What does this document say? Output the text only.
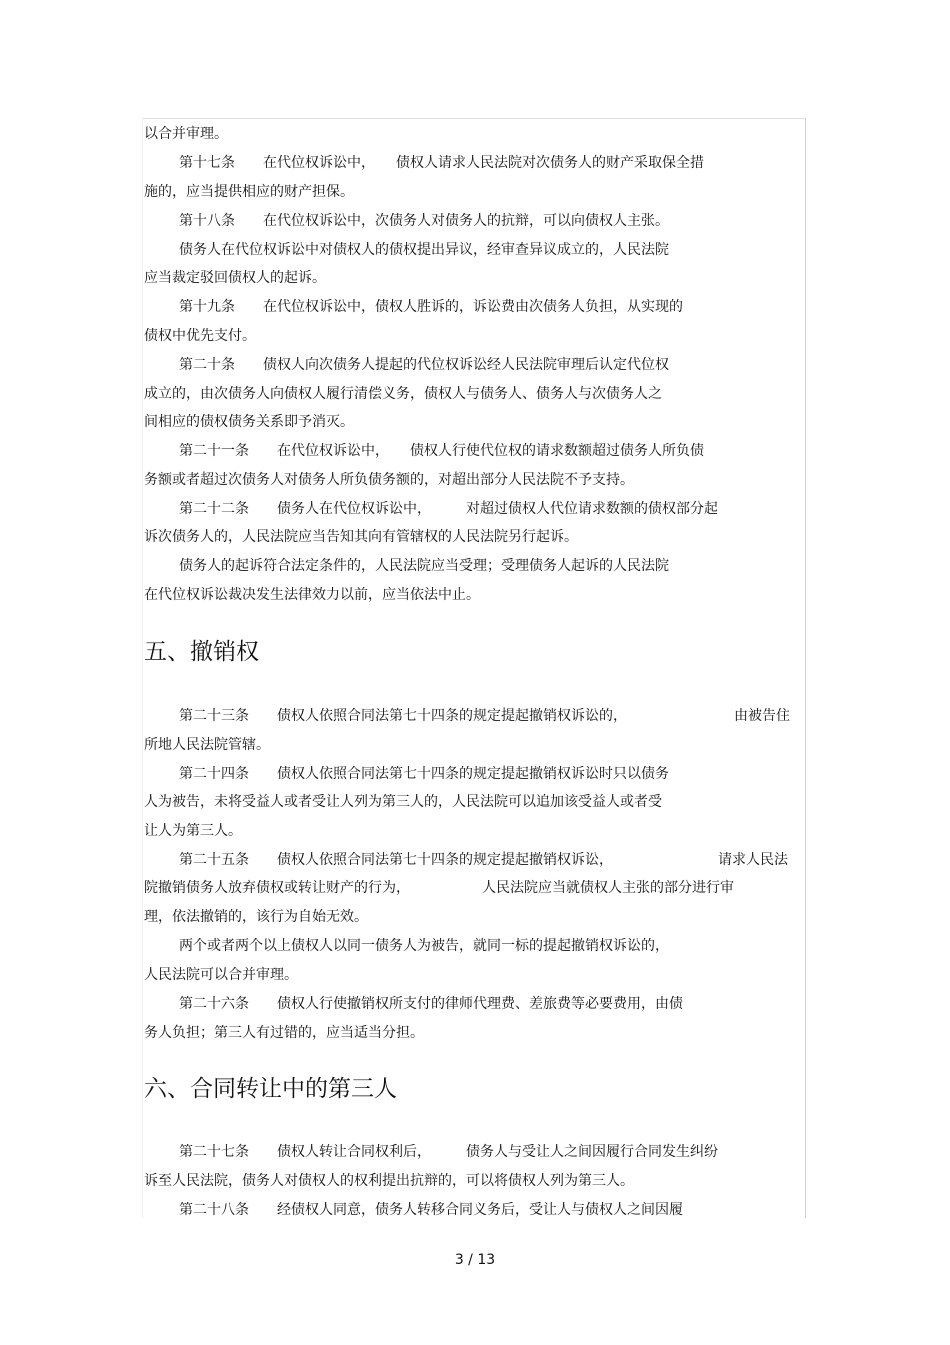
以合并审理。
第十七条　　在代位权诉讼中，　　债权人请求人民法院对次债务人的财产采取保全措
施的，应当提供相应的财产担保。
第十八条　　在代位权诉讼中，次债务人对债务人的抗辩，可以向债权人主张。
债务人在代位权诉讼中对债权人的债权提出异议，经审查异议成立的，人民法院
应当裁定驳回债权人的起诉。
第十九条　　在代位权诉讼中，债权人胜诉的，诉讼费由次债务人负担，从实现的
债权中优先支付。
第二十条　　债权人向次债务人提起的代位权诉讼经人民法院审理后认定代位权
成立的，由次债务人向债权人履行清偿义务，债权人与债务人、债务人与次债务人之
间相应的债权债务关系即予消灭。
第二十一条　　在代位权诉讼中，　　债权人行使代位权的请求数额超过债务人所负债
务额或者超过次债务人对债务人所负债务额的，对超出部分人民法院不予支持。
第二十二条　　债务人在代位权诉讼中，　　　对超过债权人代位请求数额的债权部分起
诉次债务人的，人民法院应当告知其向有管辖权的人民法院另行起诉。
债务人的起诉符合法定条件的，人民法院应当受理；受理债务人起诉的人民法院
在代位权诉讼裁决发生法律效力以前，应当依法中止。
五、撤销权
第二十三条　　债权人依照合同法第七十四条的规定提起撤销权诉讼的，	由被告住
所地人民法院管辖。
第二十四条　　债权人依照合同法第七十四条的规定提起撤销权诉讼时只以债务
人为被告，未将受益人或者受让人列为第三人的，人民法院可以追加该受益人或者受
让人为第三人。
第二十五条　　债权人依照合同法第七十四条的规定提起撤销权诉讼，	请求人民法
院撤销债务人放弃债权或转让财产的行为，	人民法院应当就债权人主张的部分进行审
理，依法撤销的，该行为自始无效。
两个或者两个以上债权人以同一债务人为被告，就同一标的提起撤销权诉讼的，
人民法院可以合并审理。
第二十六条　　债权人行使撤销权所支付的律师代理费、差旅费等必要费用，由债
务人负担；第三人有过错的，应当适当分担。
六、合同转让中的第三人
第二十七条　　债权人转让合同权利后，　　　债务人与受让人之间因履行合同发生纠纷
诉至人民法院，债务人对债权人的权利提出抗辩的，可以将债权人列为第三人。
第二十八条　　经债权人同意，债务人转移合同义务后，受让人与债权人之间因履
3 / 13
